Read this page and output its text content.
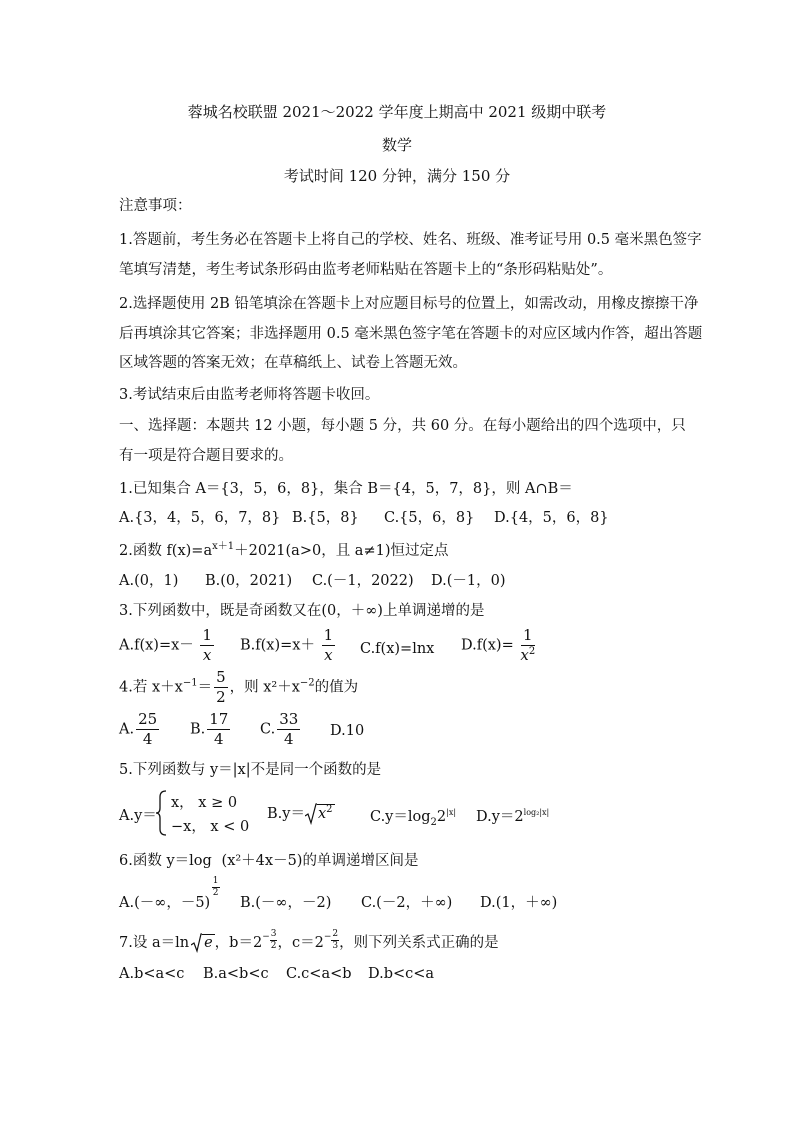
蓉城名校联盟 2021～2022 学年度上期高中 2021 级期中联考
数学
考试时间 120 分钟，满分 150 分
注意事项：
1.答题前，考生务必在答题卡上将自己的学校、姓名、班级、准考证号用 0.5 毫米黑色签字
笔填写清楚，考生考试条形码由监考老师粘贴在答题卡上的“条形码粘贴处”。
2.选择题使用 2B 铅笔填涂在答题卡上对应题目标号的位置上，如需改动，用橡皮擦擦干净
后再填涂其它答案；非选择题用 0.5 毫米黑色签字笔在答题卡的对应区域内作答，超出答题
区域答题的答案无效；在草稿纸上、试卷上答题无效。
3.考试结束后由监考老师将答题卡收回。
一、选择题：本题共 12 小题，每小题 5 分，共 60 分。在每小题给出的四个选项中，只
有一项是符合题目要求的。
1.已知集合 A＝{3，5，6，8}，集合 B＝{4，5，7，8}，则 A∩B＝
A.{3，4，5，6，7，8} B.{5，8} C.{5，6，8} D.{4，5，6，8}
2.函数 $f(x)=a^{x+1}+2021(a>0$，且 a≠1)恒过定点
A.(0，1) B.(0，2021) C.(－1，2022) D.(－1，0)
3.下列函数中，既是奇函数又在(0，＋∞)上单调递增的是
$A.f(x)=x- \frac{1}{x} B.f(x)=x+ \frac{1}{x} C.f(x)=\ln x$ $D.f(x)= \frac{1}{x^2}$
4.若 $x+x^{-1}= \frac{5}{2}$ ，则 $x^2+x^{-2}$的值为
A. $\frac{25}{4} B$. $\frac{17}{4} C$. $\frac{33}{4} D.10$
5.下列函数与 y＝|x|不是同一个函数的是
A.y＝
x， x ≥ 0
−x， x < 0
$B.y= x^2$	$C.y=\log_22^{|x|}$ $D.y=2^{log_2|x|}$
6.函数 y＝log
$\frac{1}{2}$
(x²＋4x－5)的单调递增区间是
A.(－∞，－5) B.(－∞，－2) C.(－2，＋∞) D.(1，＋∞)
7.设 a＝ln e ，$b=2 - \frac{3}{2}$ ，$c=2 - \frac{2}{3}$ ，则下列关系式正确的是
A.b<a<c B.a<b<c C.c<a<b D.b<c<a
